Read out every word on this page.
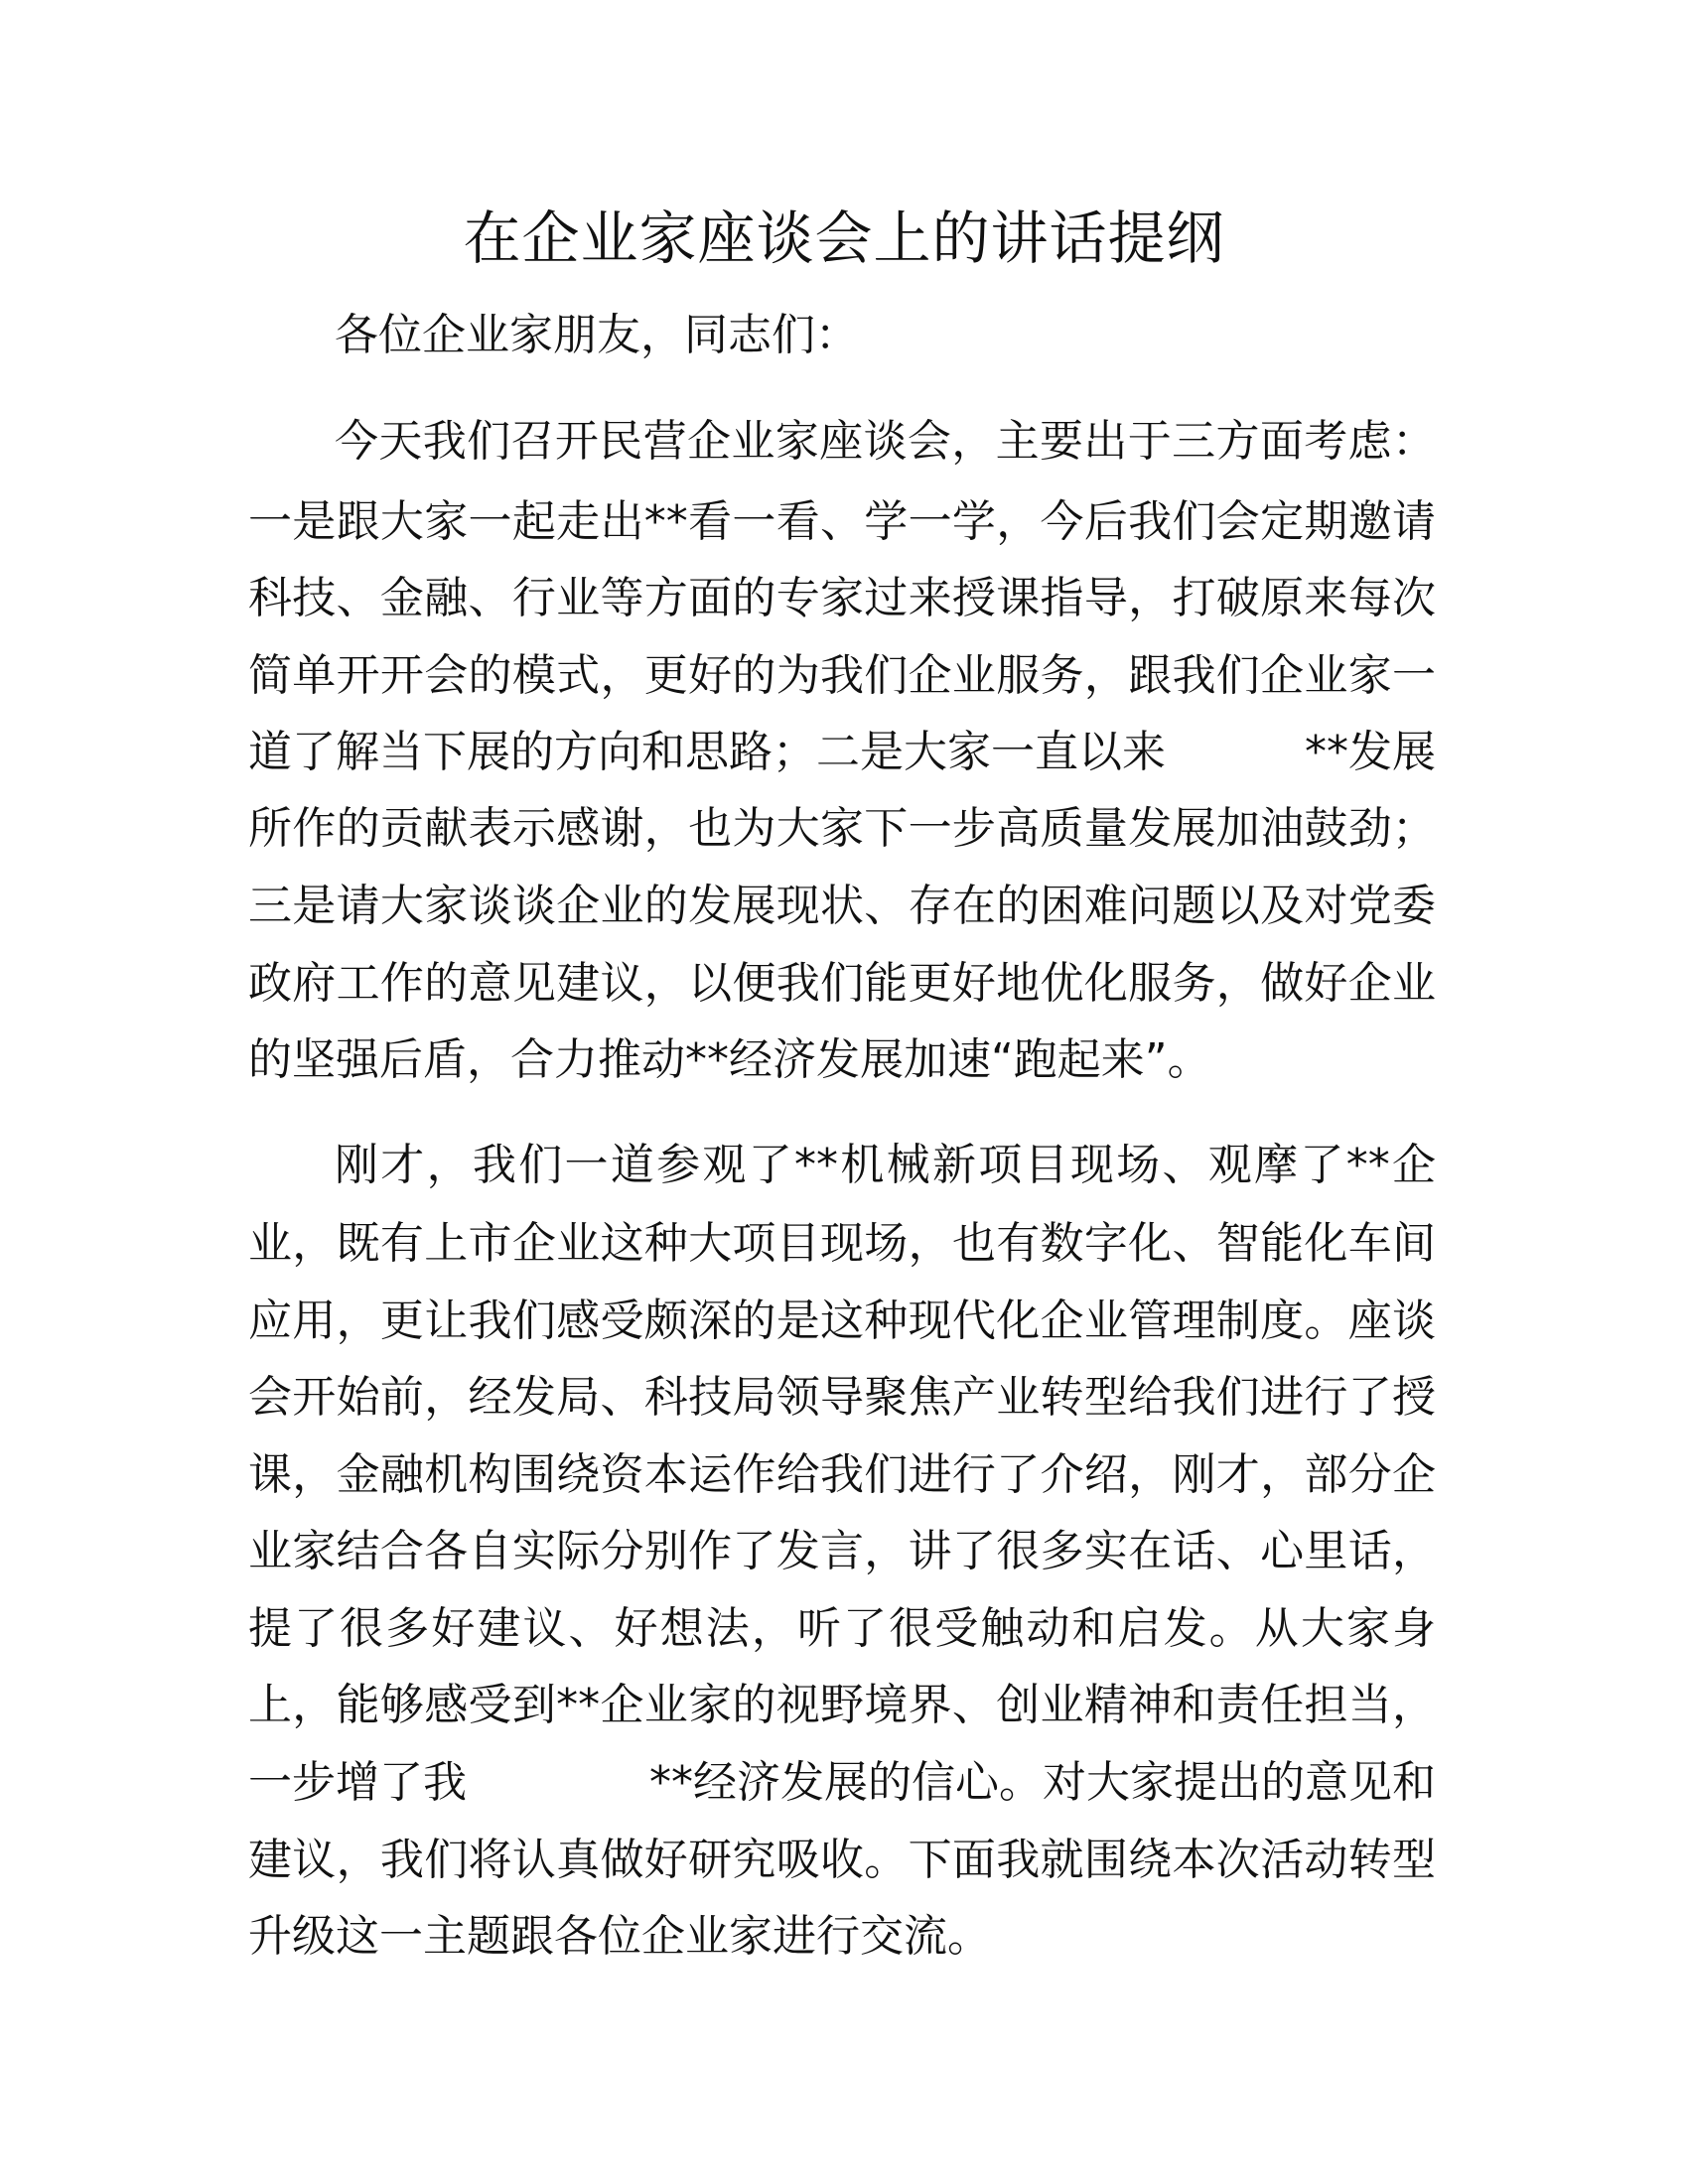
在企业家座谈会上的讲话提纲

各位企业家朋友，同志们：

今天我们召开民营企业家座谈会，主要出于三方面考虑：

一是跟大家一起走出**看一看、学一学，今后我们会定期邀请

科技、金融、行业等方面的专家过来授课指导，打破原来每次

简单开开会的模式，更好的为我们企业服务，跟我们企业家一

道了解当下展的方向和思路；二是大家一直以来	**发展

所作的贡献表示感谢，也为大家下一步高质量发展加油鼓劲；

三是请大家谈谈企业的发展现状、存在的困难问题以及对党委

政府工作的意见建议，以便我们能更好地优化服务，做好企业

的坚强后盾，合力推动**经济发展加速“跑起来”。

刚才，我们一道参观了**机械新项目现场、观摩了**企

业，既有上市企业这种大项目现场，也有数字化、智能化车间

应用，更让我们感受颇深的是这种现代化企业管理制度。座谈

会开始前，经发局、科技局领导聚焦产业转型给我们进行了授

课，金融机构围绕资本运作给我们进行了介绍，刚才，部分企

业家结合各自实际分别作了发言，讲了很多实在话、心里话，

提了很多好建议、好想法，听了很受触动和启发。从大家身

上，能够感受到**企业家的视野境界、创业精神和责任担当，

一步增了我	**经济发展的信心。对大家提出的意见和

建议，我们将认真做好研究吸收。下面我就围绕本次活动转型

升级这一主题跟各位企业家进行交流。
